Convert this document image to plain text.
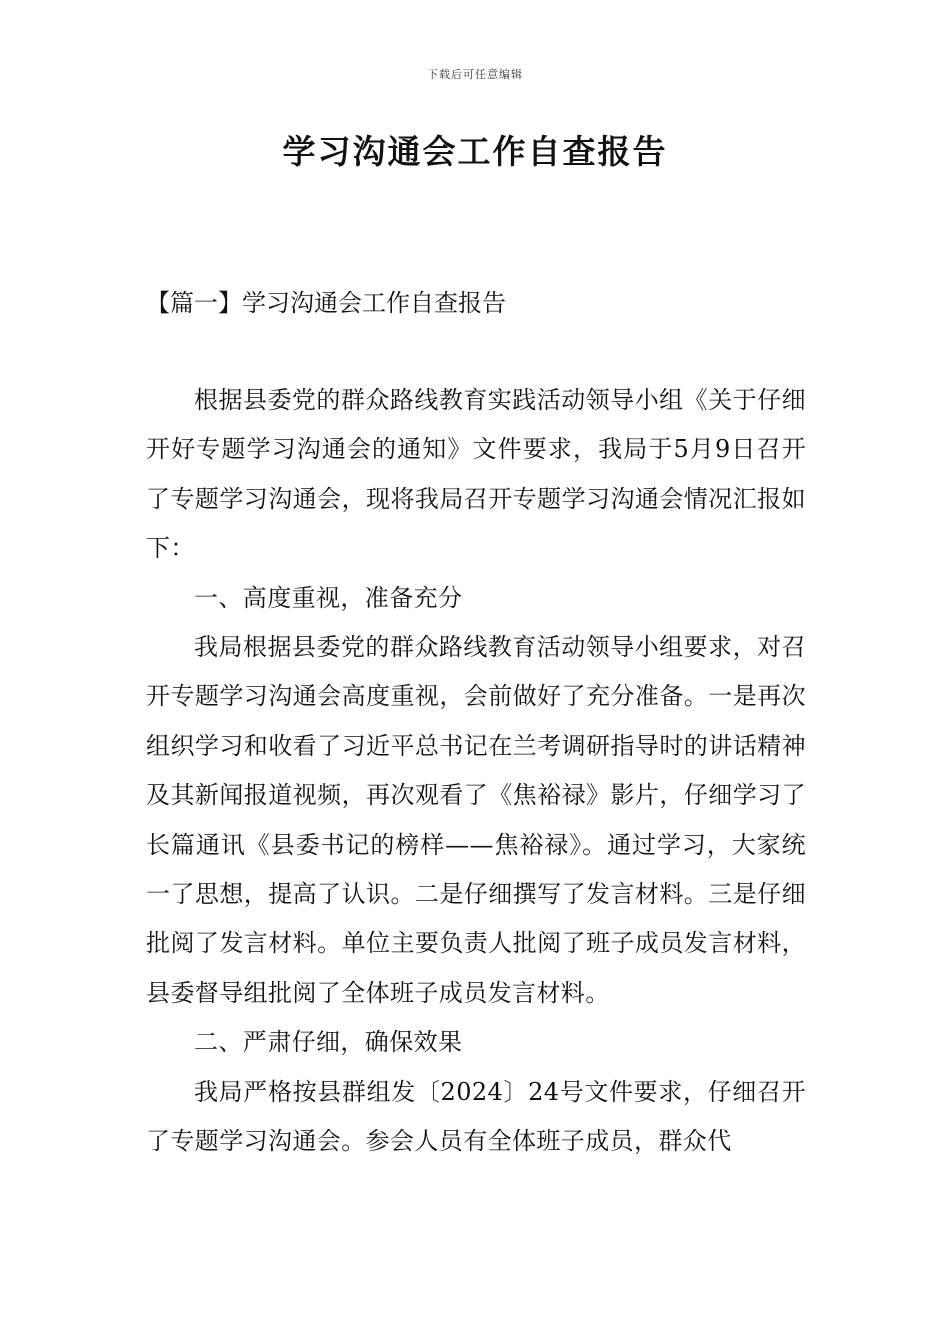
下载后可任意编辑
学习沟通会工作自查报告
【篇一】学习沟通会工作自查报告

根据县委党的群众路线教育实践活动领导小组《关于仔细开好专题学习沟通会的通知》文件要求，我局于5月9日召开了专题学习沟通会，现将我局召开专题学习沟通会情况汇报如下：

一、高度重视，准备充分

我局根据县委党的群众路线教育活动领导小组要求，对召开专题学习沟通会高度重视，会前做好了充分准备。一是再次组织学习和收看了习近平总书记在兰考调研指导时的讲话精神及其新闻报道视频，再次观看了《焦裕禄》影片，仔细学习了长篇通讯《县委书记的榜样——焦裕禄》。通过学习，大家统一了思想，提高了认识。二是仔细撰写了发言材料。三是仔细批阅了发言材料。单位主要负责人批阅了班子成员发言材料，县委督导组批阅了全体班子成员发言材料。

二、严肃仔细，确保效果

我局严格按县群组发〔2024〕24号文件要求，仔细召开了专题学习沟通会。参会人员有全体班子成员，群众代
